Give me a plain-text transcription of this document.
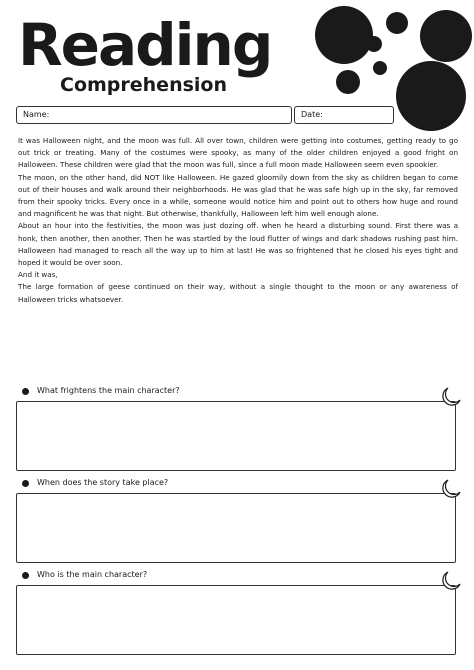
Reading
Comprehension
Name:	Date:

It was Halloween night, and the moon was full. All over town, children were getting into costumes, getting ready to go out trick or treating. Many of the costumes were spooky, as many of the older children enjoyed a good fright on Halloween. These children were glad that the moon was full, since a full moon made Halloween seem even spookier.

The moon, on the other hand, did NOT like Halloween. He gazed gloomily down from the sky as children began to come out of their houses and walk around their neighborhoods. He was glad that he was safe high up in the sky, far removed from their spooky tricks. Every once in a while, someone would notice him and point out to others how huge and round and magnificent he was that night. But otherwise, thankfully, Halloween left him well enough alone.

About an hour into the festivities, the moon was just dozing off. when he heard a disturbing sound. First there was a honk, then another, then another. Then he was startled by the loud flutter of wings and dark shadows rushing past him. Halloween had managed to reach all the way up to him at last! He was so frightened that he closed his eyes tight and hoped it would be over soon.

And it was,

The large formation of geese continued on their way, without a single thought to the moon or any awareness of Halloween tricks whatsoever.

What frightens the main character?
When does the story take place?
Who is the main character?
